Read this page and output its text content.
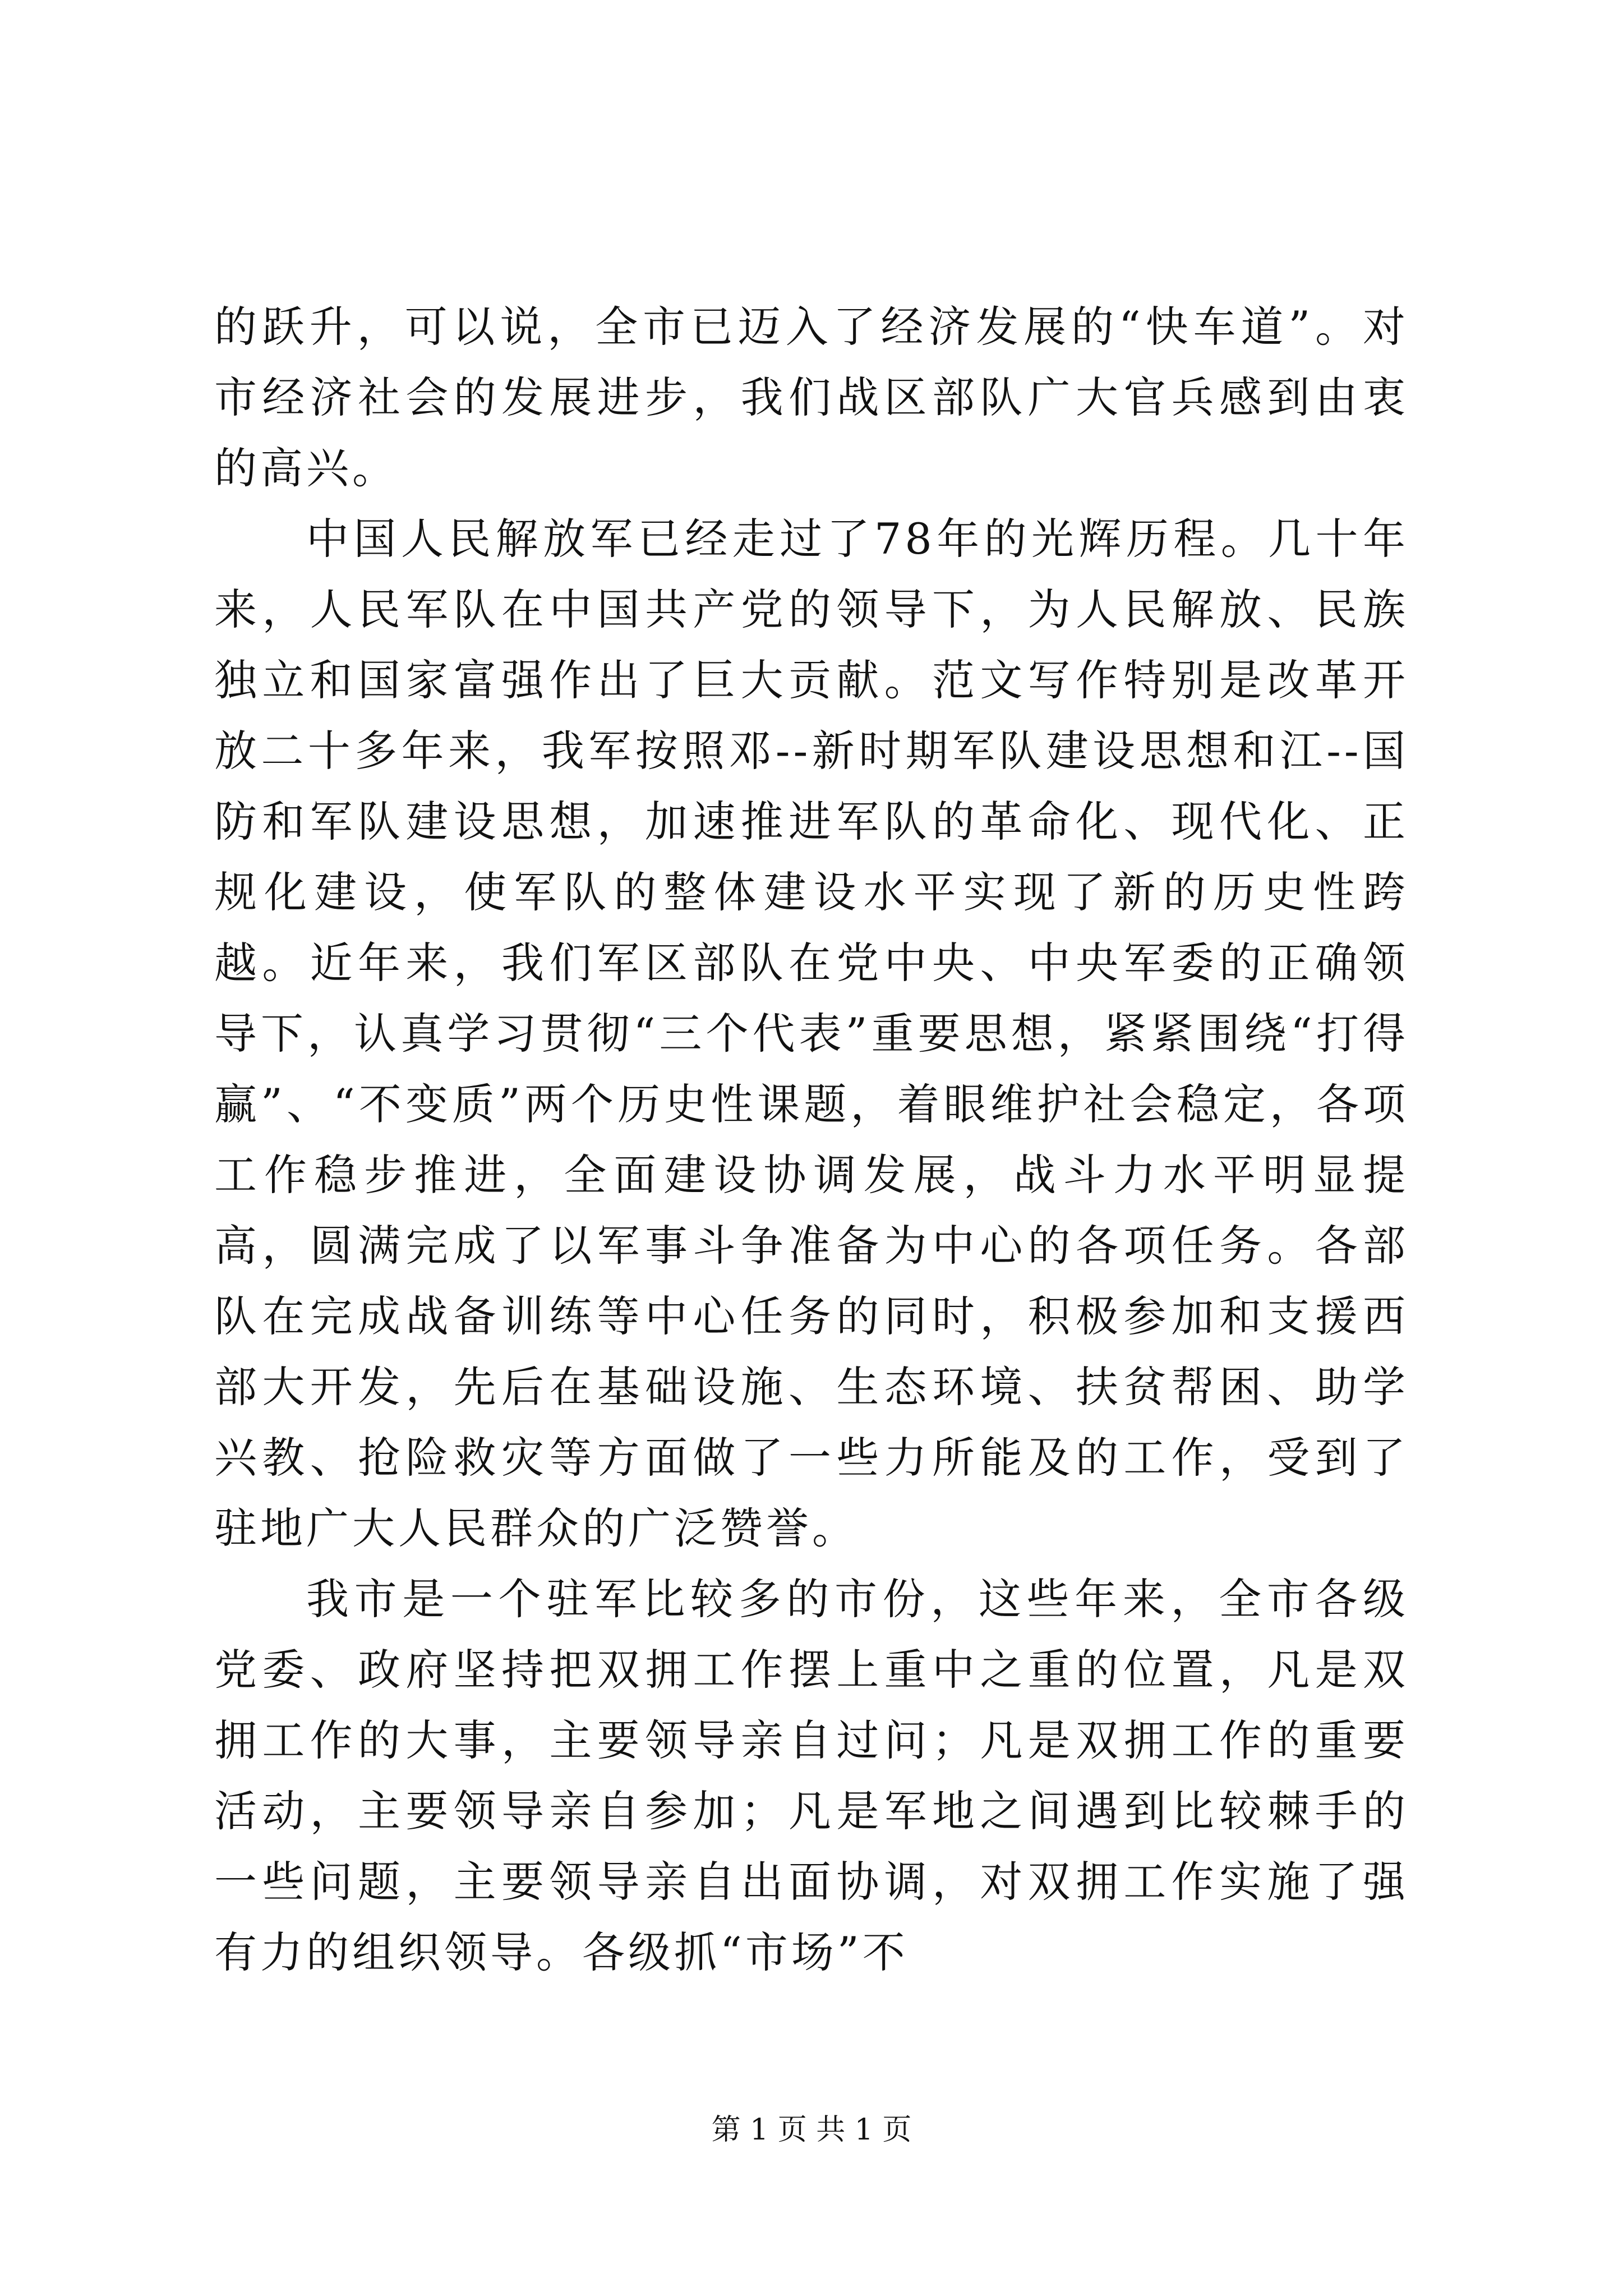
的跃升，可以说，全市已迈入了经济发展的“快车道”。对市经济社会的发展进步，我们战区部队广大官兵感到由衷的高兴。

中国人民解放军已经走过了78年的光辉历程。几十年来，人民军队在中国共产党的领导下，为人民解放、民族独立和国家富强作出了巨大贡献。范文写作特别是改革开放二十多年来，我军按照邓--新时期军队建设思想和江--国防和军队建设思想，加速推进军队的革命化、现代化、正规化建设，使军队的整体建设水平实现了新的历史性跨越。近年来，我们军区部队在党中央、中央军委的正确领导下，认真学习贯彻“三个代表”重要思想，紧紧围绕“打得赢”、“不变质”两个历史性课题，着眼维护社会稳定，各项工作稳步推进，全面建设协调发展，战斗力水平明显提高，圆满完成了以军事斗争准备为中心的各项任务。各部队在完成战备训练等中心任务的同时，积极参加和支援西部大开发，先后在基础设施、生态环境、扶贫帮困、助学兴教、抢险救灾等方面做了一些力所能及的工作，受到了驻地广大人民群众的广泛赞誉。

我市是一个驻军比较多的市份，这些年来，全市各级党委、政府坚持把双拥工作摆上重中之重的位置，凡是双拥工作的大事，主要领导亲自过问；凡是双拥工作的重要活动，主要领导亲自参加；凡是军地之间遇到比较棘手的一些问题，主要领导亲自出面协调，对双拥工作实施了强有力的组织领导。各级抓“市场”不

第 1 页 共 1 页
